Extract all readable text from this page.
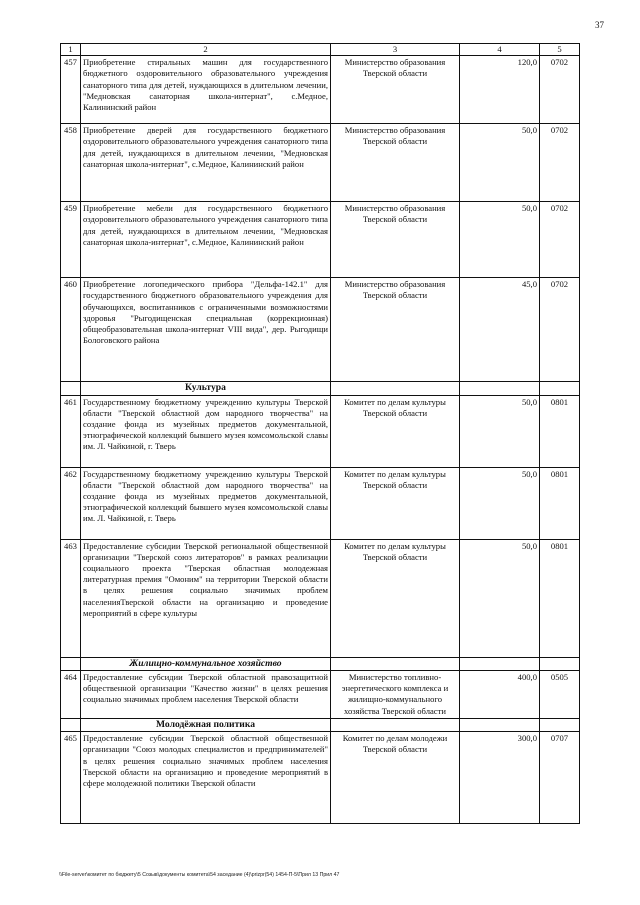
37
1	2	3	4	5
457	Приобретение стиральных машин для государственного бюджетного оздоровительного образовательного учреждения санаторного типа для детей, нуждающихся в длительном лечении, "Медновская санаторная школа-интернат", с.Медное, Калининский район	Министерство образования Тверской области	120,0	0702
458	Приобретение дверей для государственного бюджетного оздоровительного образовательного учреждения санаторного типа для детей, нуждающихся в длительном лечении, "Медновская санаторная школа-интернат", с.Медное, Калининский район	Министерство образования Тверской области	50,0	0702
459	Приобретение мебели для государственного бюджетного оздоровительного образовательного учреждения санаторного типа для детей, нуждающихся в длительном лечении, "Медновская санаторная школа-интернат", с.Медное, Калининский район	Министерство образования Тверской области	50,0	0702
460	Приобретение логопедического прибора "Дельфа-142.1" для государственного бюджетного образовательного учреждения для обучающихся, воспитанников с ограниченными возможностями здоровья "Рыгодищенская специальная (коррекционная) общеобразовательная школа-интернат VIII вида", дер. Рыгодищи Бологовского района	Министерство образования Тверской области	45,0	0702
	Культура			
461	Государственному бюджетному учреждению культуры Тверской области "Тверской областной дом народного творчества" на создание фонда из музейных предметов документальной, этнографической коллекций бывшего музея комсомольской славы им. Л. Чайкиной, г. Тверь	Комитет по делам культуры Тверской области	50,0	0801
462	Государственному бюджетному учреждению культуры Тверской области "Тверской областной дом народного творчества" на создание фонда из музейных предметов документальной, этнографической коллекций бывшего музея комсомольской славы им. Л. Чайкиной, г. Тверь	Комитет по делам культуры Тверской области	50,0	0801
463	Предоставление субсидии Тверской региональной общественной организации "Тверской союз литераторов" в рамках реализации социального проекта "Тверская областная молодежная литературная премия "Омоним" на территории Тверской области в целях решения социально значимых проблем населенияТверской области на организацию и проведение мероприятий в сфере культуры	Комитет по делам культуры Тверской области	50,0	0801
	Жилищно-коммунальное хозяйство			
464	Предоставление субсидии Тверской областной правозащитной общественной организации "Качество жизни" в целях решения социально значимых проблем населения Тверской области	Министерство топливно-энергетического комплекса и жилищно-коммунального хозяйства Тверской области	400,0	0505
	Молодёжная политика			
465	Предоставление субсидии Тверской областной общественной организации "Союз молодых специалистов и предпринимателей" в целях решения социально значимых проблем населения Тверской области на организацию и проведение мероприятий в сфере молодежной политики Тверской области	Комитет по делам молодежи Тверской области	300,0	0707
\\File-server\комитет по бюджету\5 Созыв\документы комитета\54 заседание (4)\prizpr(54) 1454-П-5\Прил 13 Прил 47
